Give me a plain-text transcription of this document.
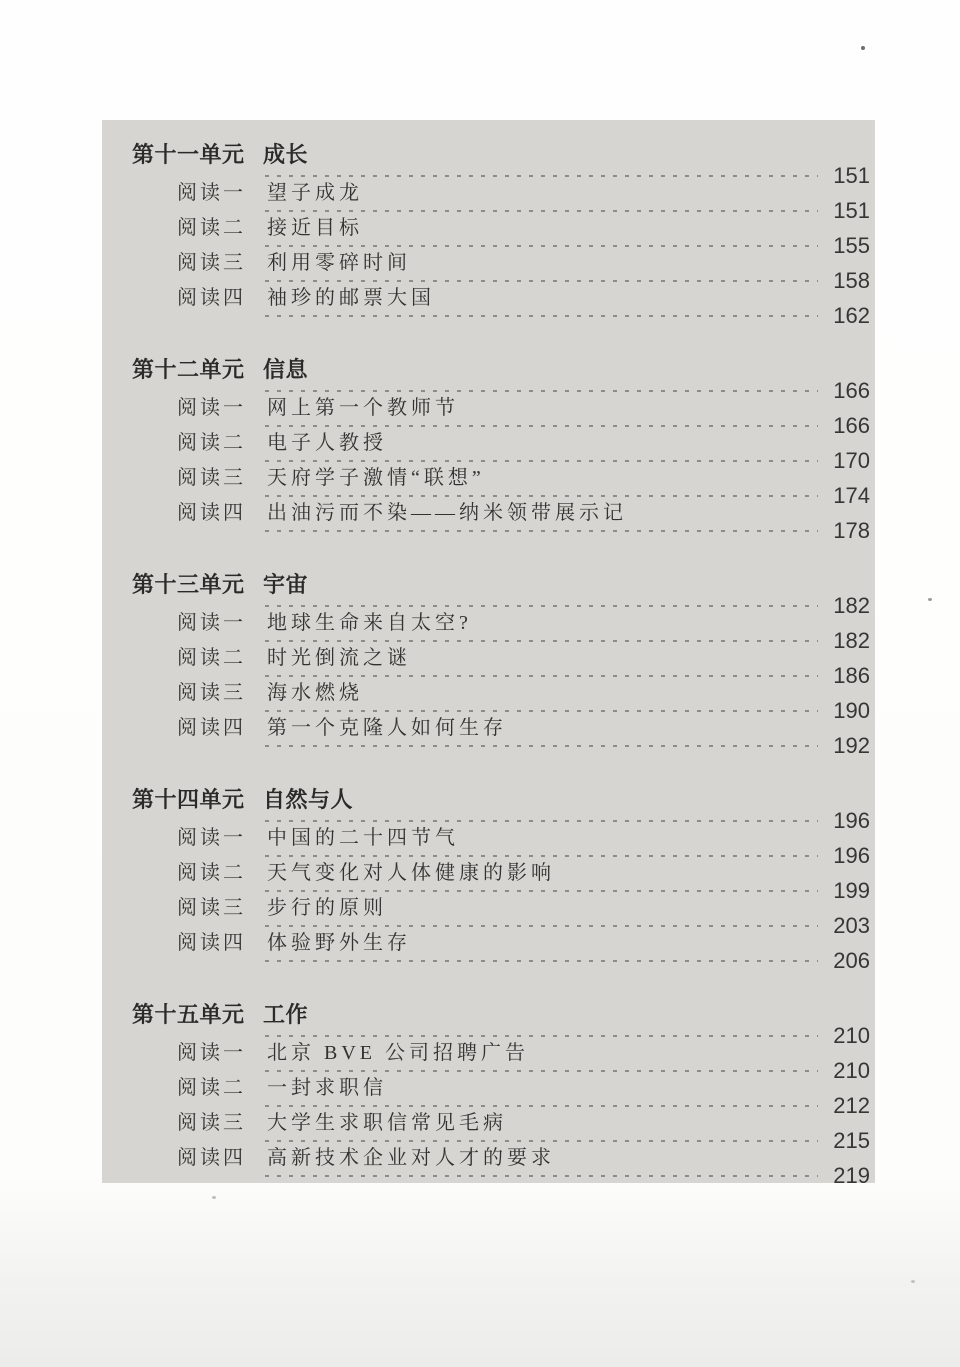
第十一单元 成长
151
阅读一 望子成龙
151
阅读二 接近目标
155
阅读三 利用零碎时间
158
阅读四 袖珍的邮票大国
162
第十二单元 信息
166
阅读一 网上第一个教师节
166
阅读二 电子人教授
170
阅读三 天府学子激情“联想”
174
阅读四 出油污而不染——纳米领带展示记
178
第十三单元 宇宙
182
阅读一 地球生命来自太空?
182
阅读二 时光倒流之谜
186
阅读三 海水燃烧
190
阅读四 第一个克隆人如何生存
192
第十四单元 自然与人
196
阅读一 中国的二十四节气
196
阅读二 天气变化对人体健康的影响
199
阅读三 步行的原则
203
阅读四 体验野外生存
206
第十五单元 工作
210
阅读一 北京 BVE 公司招聘广告
210
阅读二 一封求职信
212
阅读三 大学生求职信常见毛病
215
阅读四 高新技术企业对人才的要求
219
